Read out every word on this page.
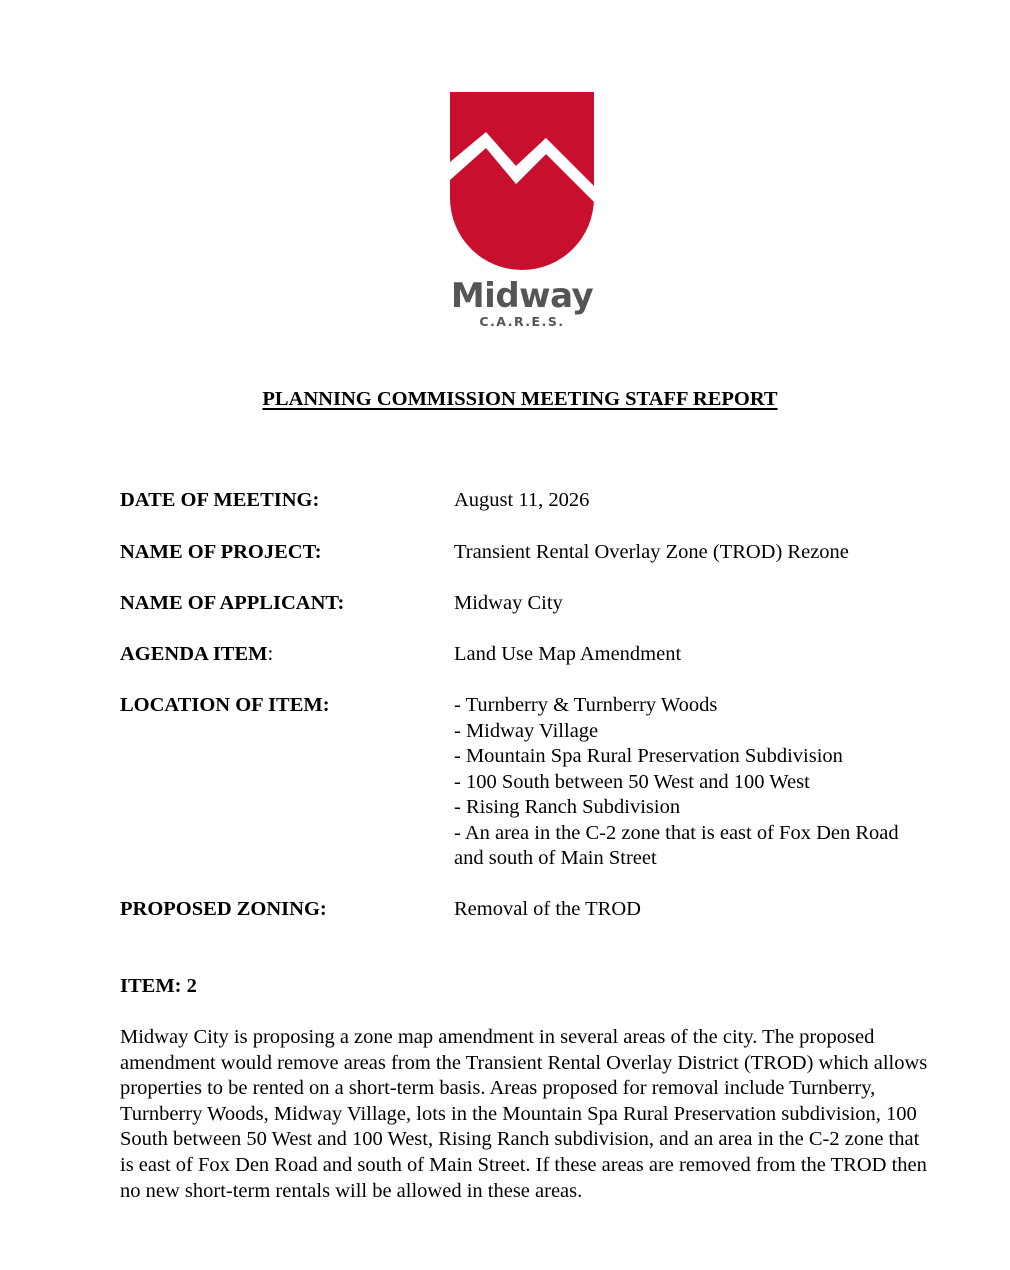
Midway
C.A.R.E.S.
PLANNING COMMISSION MEETING STAFF REPORT
DATE OF MEETING:	August 11, 2026
NAME OF PROJECT:	Transient Rental Overlay Zone (TROD) Rezone
NAME OF APPLICANT:	Midway City
AGENDA ITEM:	Land Use Map Amendment
LOCATION OF ITEM:	- Turnberry & Turnberry Woods
- Midway Village
- Mountain Spa Rural Preservation Subdivision
- 100 South between 50 West and 100 West
- Rising Ranch Subdivision
- An area in the C-2 zone that is east of Fox Den Road
and south of Main Street
PROPOSED ZONING:	Removal of the TROD
ITEM: 2

Midway City is proposing a zone map amendment in several areas of the city. The proposed amendment would remove areas from the Transient Rental Overlay District (TROD) which allows properties to be rented on a short-term basis. Areas proposed for removal include Turnberry, Turnberry Woods, Midway Village, lots in the Mountain Spa Rural Preservation subdivision, 100 South between 50 West and 100 West, Rising Ranch subdivision, and an area in the C-2 zone that is east of Fox Den Road and south of Main Street. If these areas are removed from the TROD then no new short-term rentals will be allowed in these areas.
